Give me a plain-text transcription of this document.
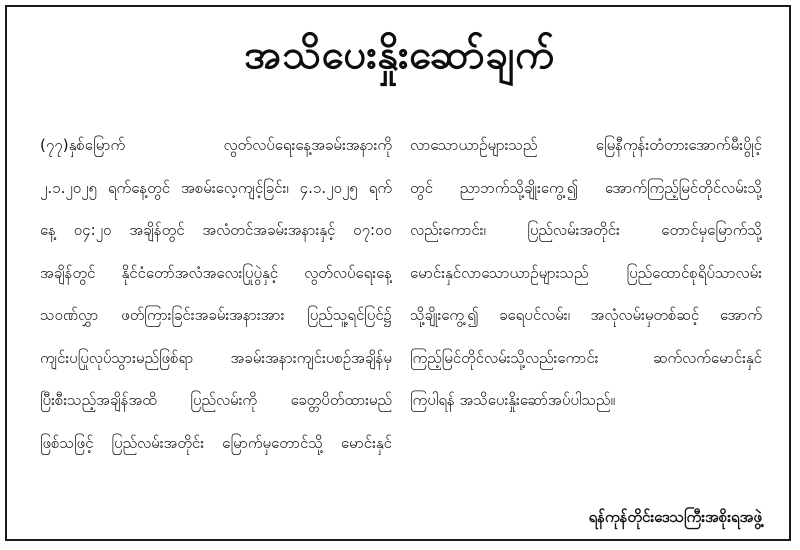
အသိပေးနှိုးဆော်ချက်
(၇၇)နှစ်မြောက် လွတ်လပ်ရေးနေ့အခမ်းအနားကို
၂.၁.၂၀၂၅ ရက်နေ့တွင် အစမ်းလေ့ကျင့်ခြင်း၊ ၄.၁.၂၀၂၅ ရက်
နေ့ ၀၄:၂၀ အချိန်တွင် အလံတင်အခမ်းအနားနှင့် ၀၇:၀၀
အချိန်တွင် နိုင်ငံတော်အလံအလေးပြုပွဲနှင့် လွတ်လပ်ရေးနေ့
သဝဏ်လွှာ ဖတ်ကြားခြင်းအခမ်းအနားအား ပြည်သူ့ရင်ပြင်၌
ကျင်းပပြုလုပ်သွားမည်ဖြစ်ရာ အခမ်းအနားကျင်းပစဉ်အချိန်မှ
ပြီးစီးသည့်အချိန်အထိ ပြည်လမ်းကို ခေတ္တပိတ်ထားမည်
ဖြစ်သဖြင့် ပြည်လမ်းအတိုင်း မြောက်မှတောင်သို့ မောင်းနှင်
လာသောယာဉ်များသည် မြေနီကုန်းတံတားအောက်မီးပွိုင့်
တွင် ညာဘက်သို့ချိုးကွေ့၍ အောက်ကြည့်မြင်တိုင်လမ်းသို့
လည်းကောင်း၊ ပြည်လမ်းအတိုင်း တောင်မှမြောက်သို့
မောင်းနှင်လာသောယာဉ်များသည် ပြည်ထောင်စုရိပ်သာလမ်း
သို့ချိုးကွေ့၍ ခရေပင်လမ်း၊ အလုံလမ်းမှတစ်ဆင့် အောက်
ကြည့်မြင်တိုင်လမ်းသို့လည်းကောင်း ဆက်လက်မောင်းနှင်
ကြပါရန် အသိပေးနှိုးဆော်အပ်ပါသည်။
ရန်ကုန်တိုင်းဒေသကြီးအစိုးရအဖွဲ့
